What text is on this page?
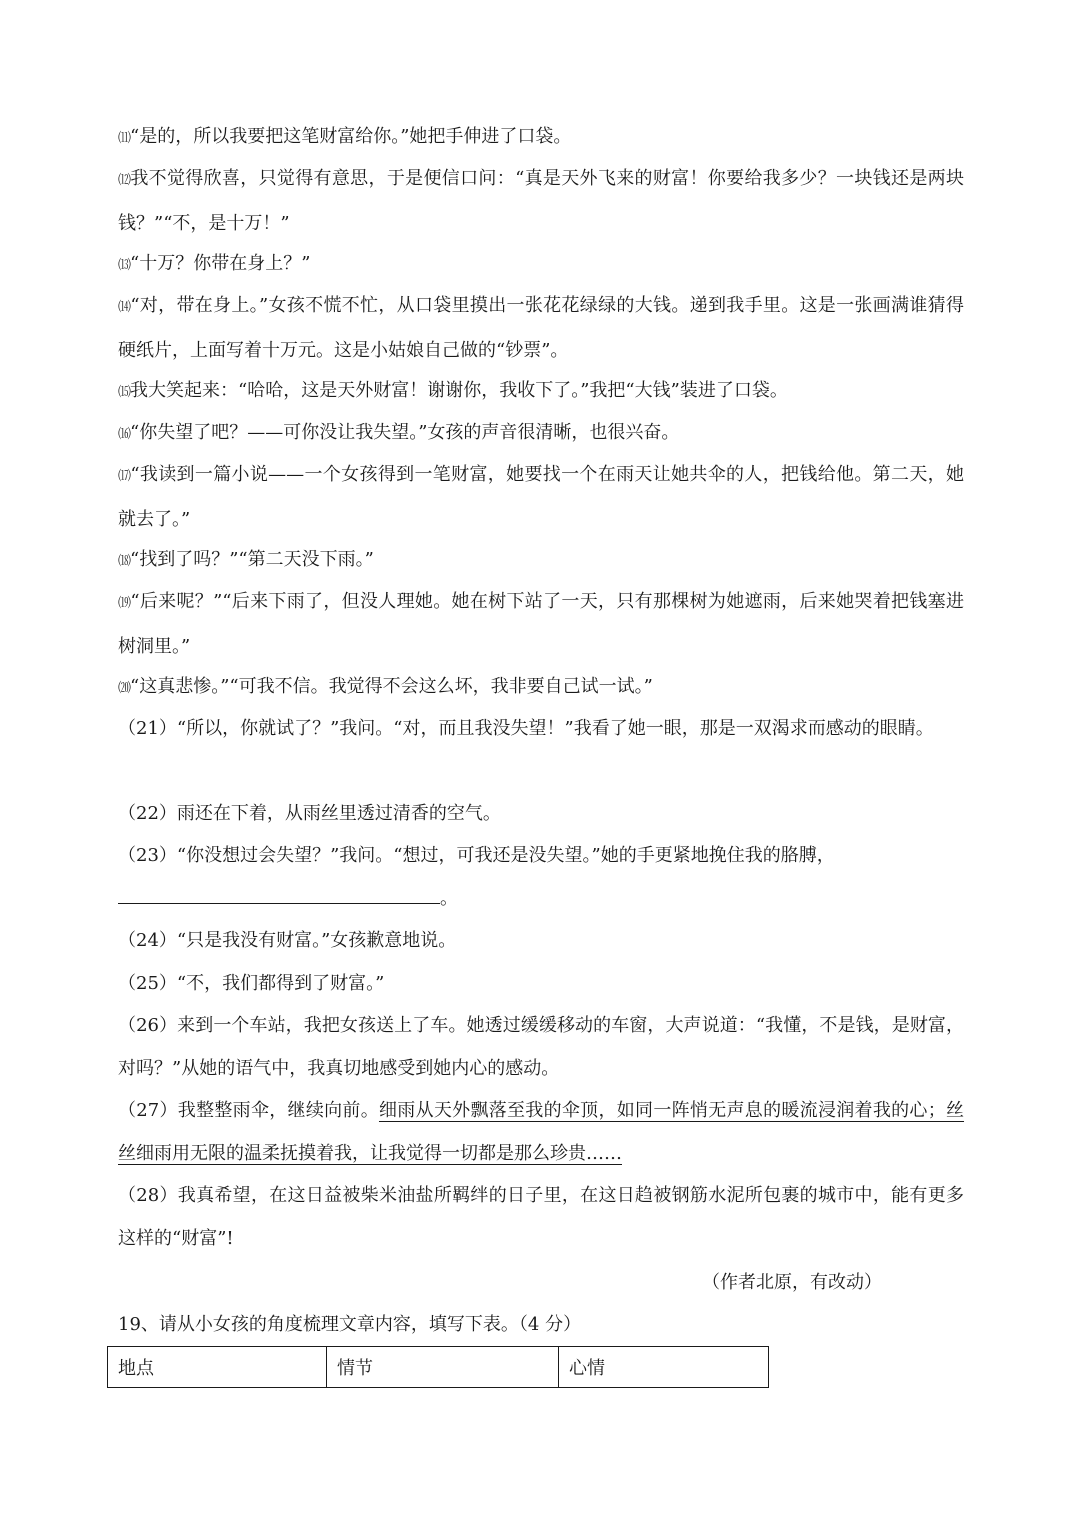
⑾“是的，所以我要把这笔财富给你。”她把手伸进了口袋。

⑿我不觉得欣喜，只觉得有意思，于是便信口问：“真是天外飞来的财富！你要给我多少？一块钱还是两块钱？”“不，是十万！”

⒀“十万？你带在身上？”

⒁“对，带在身上。”女孩不慌不忙，从口袋里摸出一张花花绿绿的大钱。递到我手里。这是一张画满谁猜得硬纸片，上面写着十万元。这是小姑娘自己做的“钞票”。

⒂我大笑起来：“哈哈，这是天外财富！谢谢你，我收下了。”我把“大钱”装进了口袋。

⒃“你失望了吧？——可你没让我失望。”女孩的声音很清晰，也很兴奋。

⒄“我读到一篇小说——一个女孩得到一笔财富，她要找一个在雨天让她共伞的人，把钱给他。第二天，她就去了。”

⒅“找到了吗？”“第二天没下雨。”

⒆“后来呢？”“后来下雨了，但没人理她。她在树下站了一天，只有那棵树为她遮雨，后来她哭着把钱塞进树洞里。”

⒇“这真悲惨。”“可我不信。我觉得不会这么坏，我非要自己试一试。”

（21）“所以，你就试了？”我问。“对，而且我没失望！”我看了她一眼，那是一双渴求而感动的眼睛。

（22）雨还在下着，从雨丝里透过清香的空气。

（23）“你没想过会失望？”我问。“想过，可我还是没失望。”她的手更紧地挽住我的胳膊，

。

（24）“只是我没有财富。”女孩歉意地说。

（25）“不，我们都得到了财富。”

（26）来到一个车站，我把女孩送上了车。她透过缓缓移动的车窗，大声说道：“我懂，不是钱，是财富，对吗？”从她的语气中，我真切地感受到她内心的感动。

（27）我整整雨伞，继续向前。细雨从天外飘落至我的伞顶，如同一阵悄无声息的暖流浸润着我的心；丝丝细雨用无限的温柔抚摸着我，让我觉得一切都是那么珍贵……

（28）我真希望，在这日益被柴米油盐所羁绊的日子里，在这日趋被钢筋水泥所包裹的城市中，能有更多这样的“财富”!

（作者北原，有改动）
19、请从小女孩的角度梳理文章内容，填写下表。（4 分）
地点	情节	心情
